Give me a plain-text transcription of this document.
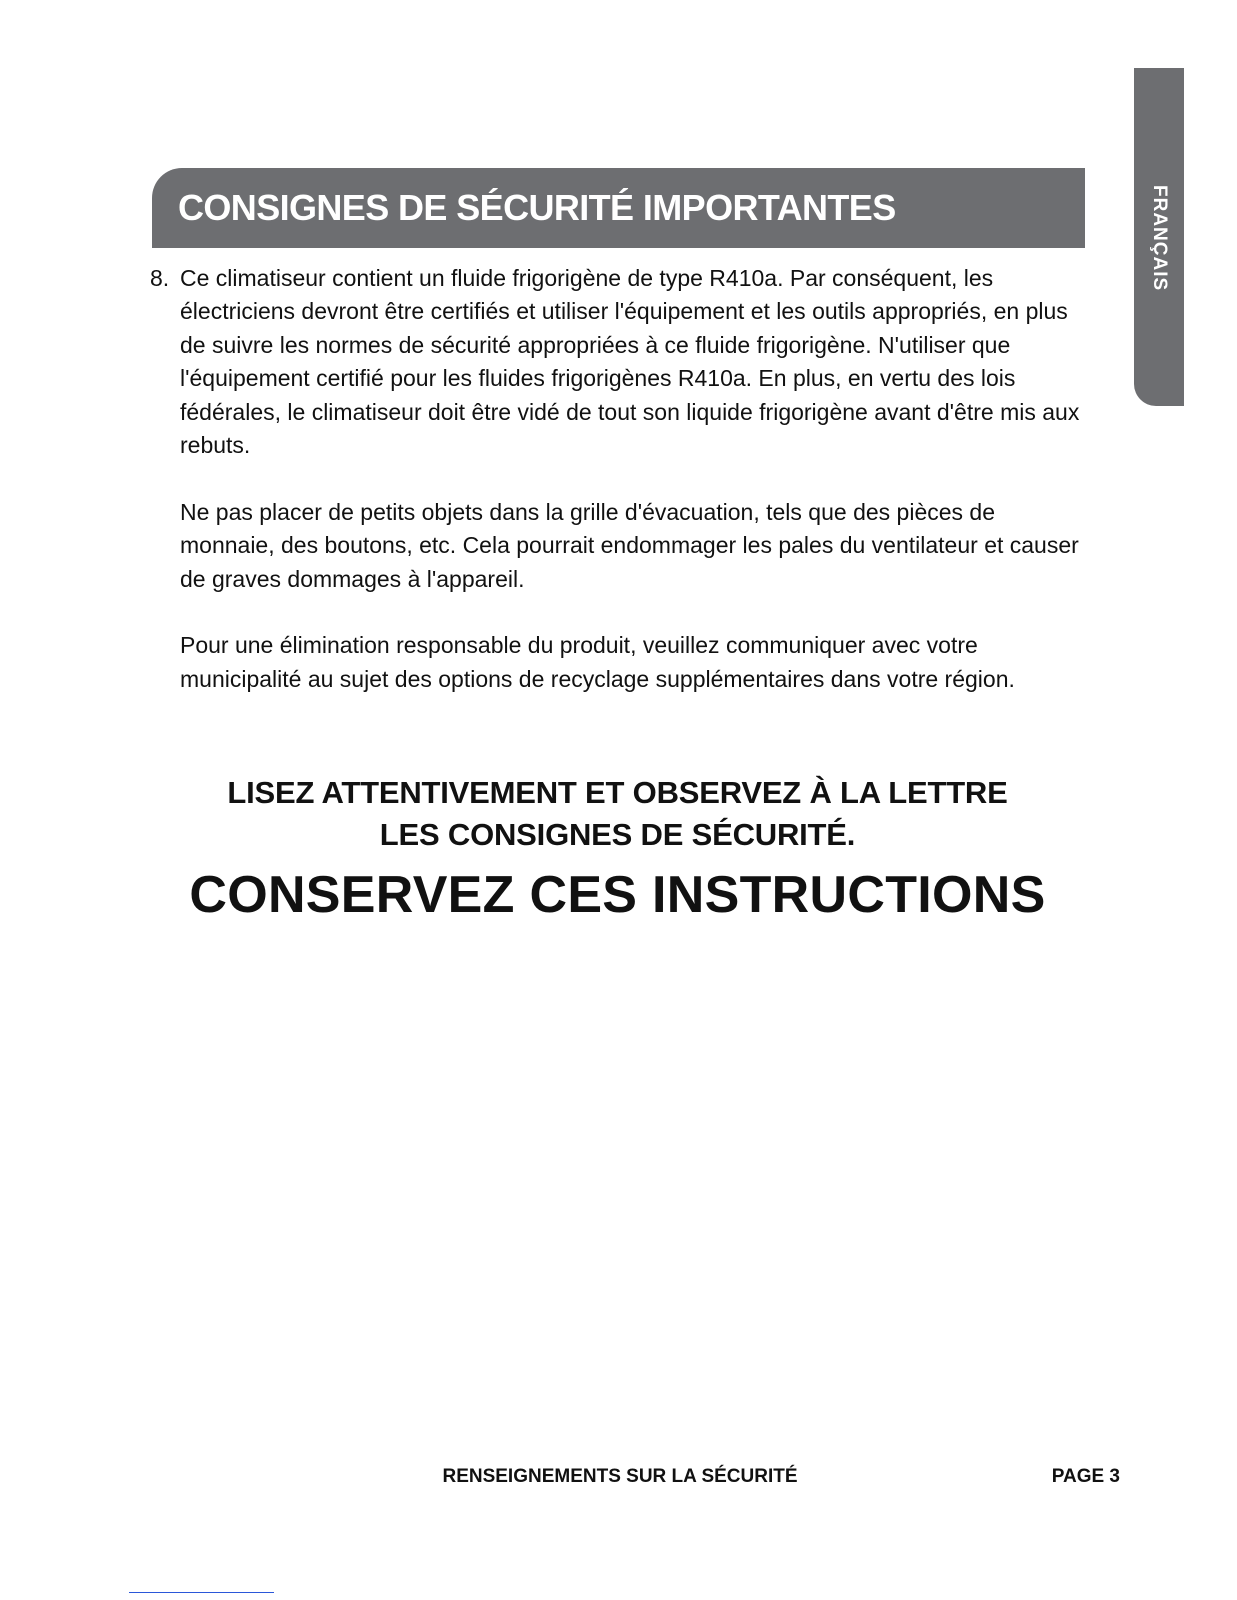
FRANÇAIS
CONSIGNES DE SÉCURITÉ IMPORTANTES
8. Ce climatiseur contient un fluide frigorigène de type R410a. Par conséquent, les électriciens devront être certifiés et utiliser l'équipement et les outils appropriés, en plus de suivre les normes de sécurité appropriées à ce fluide frigorigène. N'utiliser que l'équipement certifié pour les fluides frigorigènes R410a. En plus, en vertu des lois fédérales, le climatiseur doit être vidé de tout son liquide frigorigène avant d'être mis aux rebuts.

Ne pas placer de petits objets dans la grille d'évacuation, tels que des pièces de monnaie, des boutons, etc. Cela pourrait endommager les pales du ventilateur et causer de graves dommages à l'appareil.

Pour une élimination responsable du produit, veuillez communiquer avec votre municipalité au sujet des options de recyclage supplémentaires dans votre région.

LISEZ ATTENTIVEMENT ET OBSERVEZ À LA LETTRE
LES CONSIGNES DE SÉCURITÉ.
CONSERVEZ CES INSTRUCTIONS
RENSEIGNEMENTS SUR LA SÉCURITÉ	PAGE 3
